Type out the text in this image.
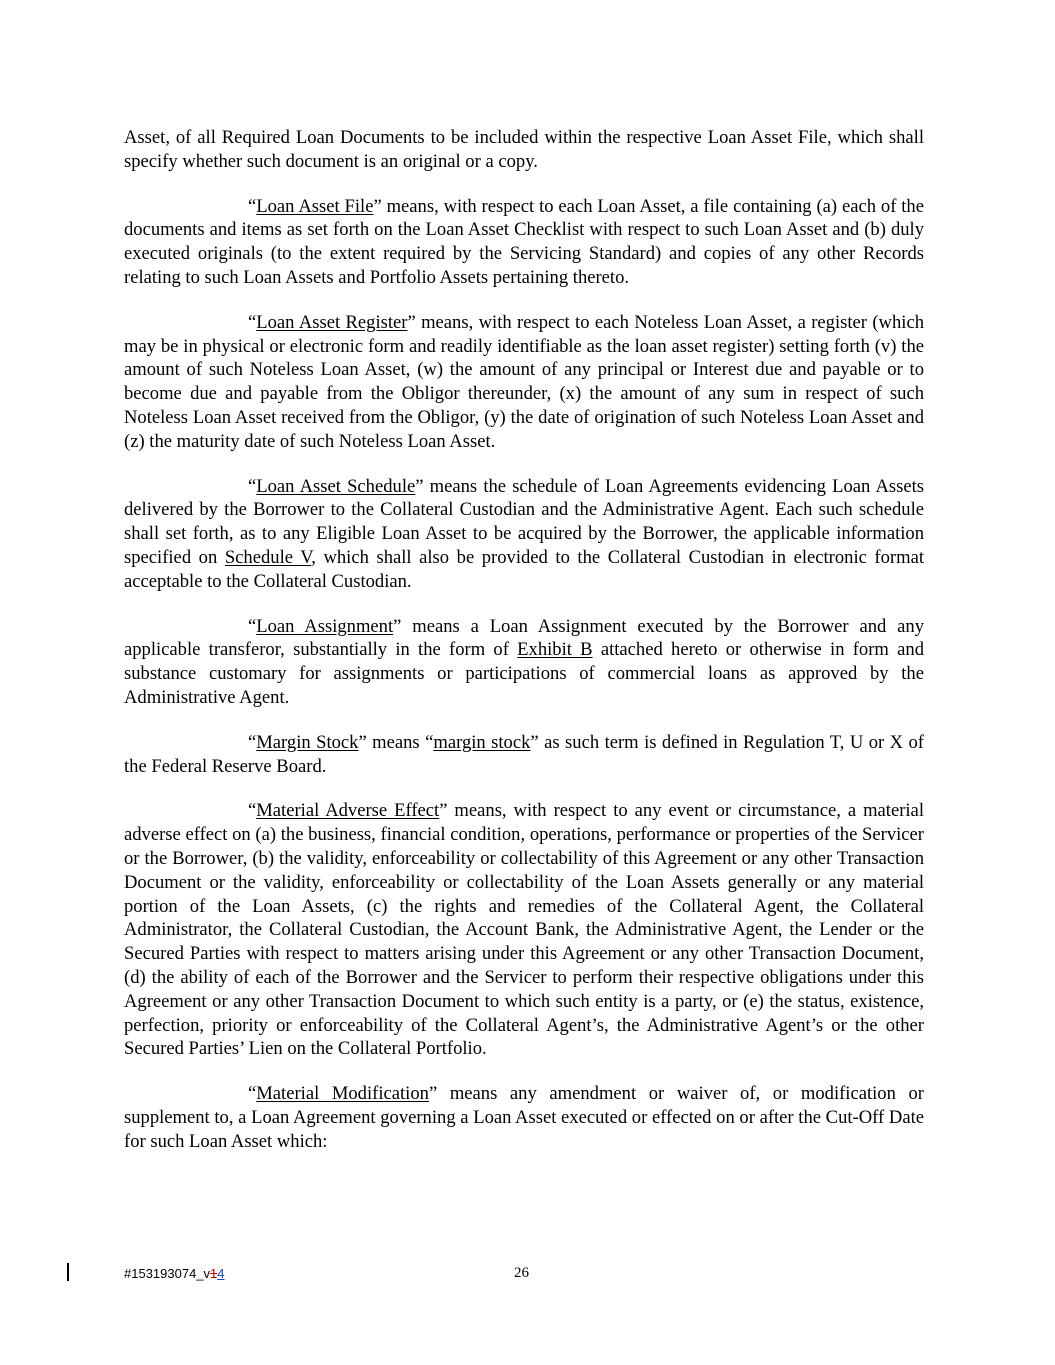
Asset, of all Required Loan Documents to be included within the respective Loan Asset File, which shall specify whether such document is an original or a copy.

“Loan Asset File” means, with respect to each Loan Asset, a file containing (a) each of the documents and items as set forth on the Loan Asset Checklist with respect to such Loan Asset and (b) duly executed originals (to the extent required by the Servicing Standard) and copies of any other Records relating to such Loan Assets and Portfolio Assets pertaining thereto.

“Loan Asset Register” means, with respect to each Noteless Loan Asset, a register (which may be in physical or electronic form and readily identifiable as the loan asset register) setting forth (v) the amount of such Noteless Loan Asset, (w) the amount of any principal or Interest due and payable or to become due and payable from the Obligor thereunder, (x) the amount of any sum in respect of such Noteless Loan Asset received from the Obligor, (y) the date of origination of such Noteless Loan Asset and (z) the maturity date of such Noteless Loan Asset.

“Loan Asset Schedule” means the schedule of Loan Agreements evidencing Loan Assets delivered by the Borrower to the Collateral Custodian and the Administrative Agent. Each such schedule shall set forth, as to any Eligible Loan Asset to be acquired by the Borrower, the applicable information specified on Schedule V, which shall also be provided to the Collateral Custodian in electronic format acceptable to the Collateral Custodian.

“Loan Assignment” means a Loan Assignment executed by the Borrower and any applicable transferor, substantially in the form of Exhibit B attached hereto or otherwise in form and substance customary for assignments or participations of commercial loans as approved by the Administrative Agent.

“Margin Stock” means “margin stock” as such term is defined in Regulation T, U or X of the Federal Reserve Board.

“Material Adverse Effect” means, with respect to any event or circumstance, a material adverse effect on (a) the business, financial condition, operations, performance or properties of the Servicer or the Borrower, (b) the validity, enforceability or collectability of this Agreement or any other Transaction Document or the validity, enforceability or collectability of the Loan Assets generally or any material portion of the Loan Assets, (c) the rights and remedies of the Collateral Agent, the Collateral Administrator, the Collateral Custodian, the Account Bank, the Administrative Agent, the Lender or the Secured Parties with respect to matters arising under this Agreement or any other Transaction Document, (d) the ability of each of the Borrower and the Servicer to perform their respective obligations under this Agreement or any other Transaction Document to which such entity is a party, or (e) the status, existence, perfection, priority or enforceability of the Collateral Agent’s, the Administrative Agent’s or the other Secured Parties’ Lien on the Collateral Portfolio.

“Material Modification” means any amendment or waiver of, or modification or supplement to, a Loan Agreement governing a Loan Asset executed or effected on or after the Cut-Off Date for such Loan Asset which:

#153193074_v14	26
